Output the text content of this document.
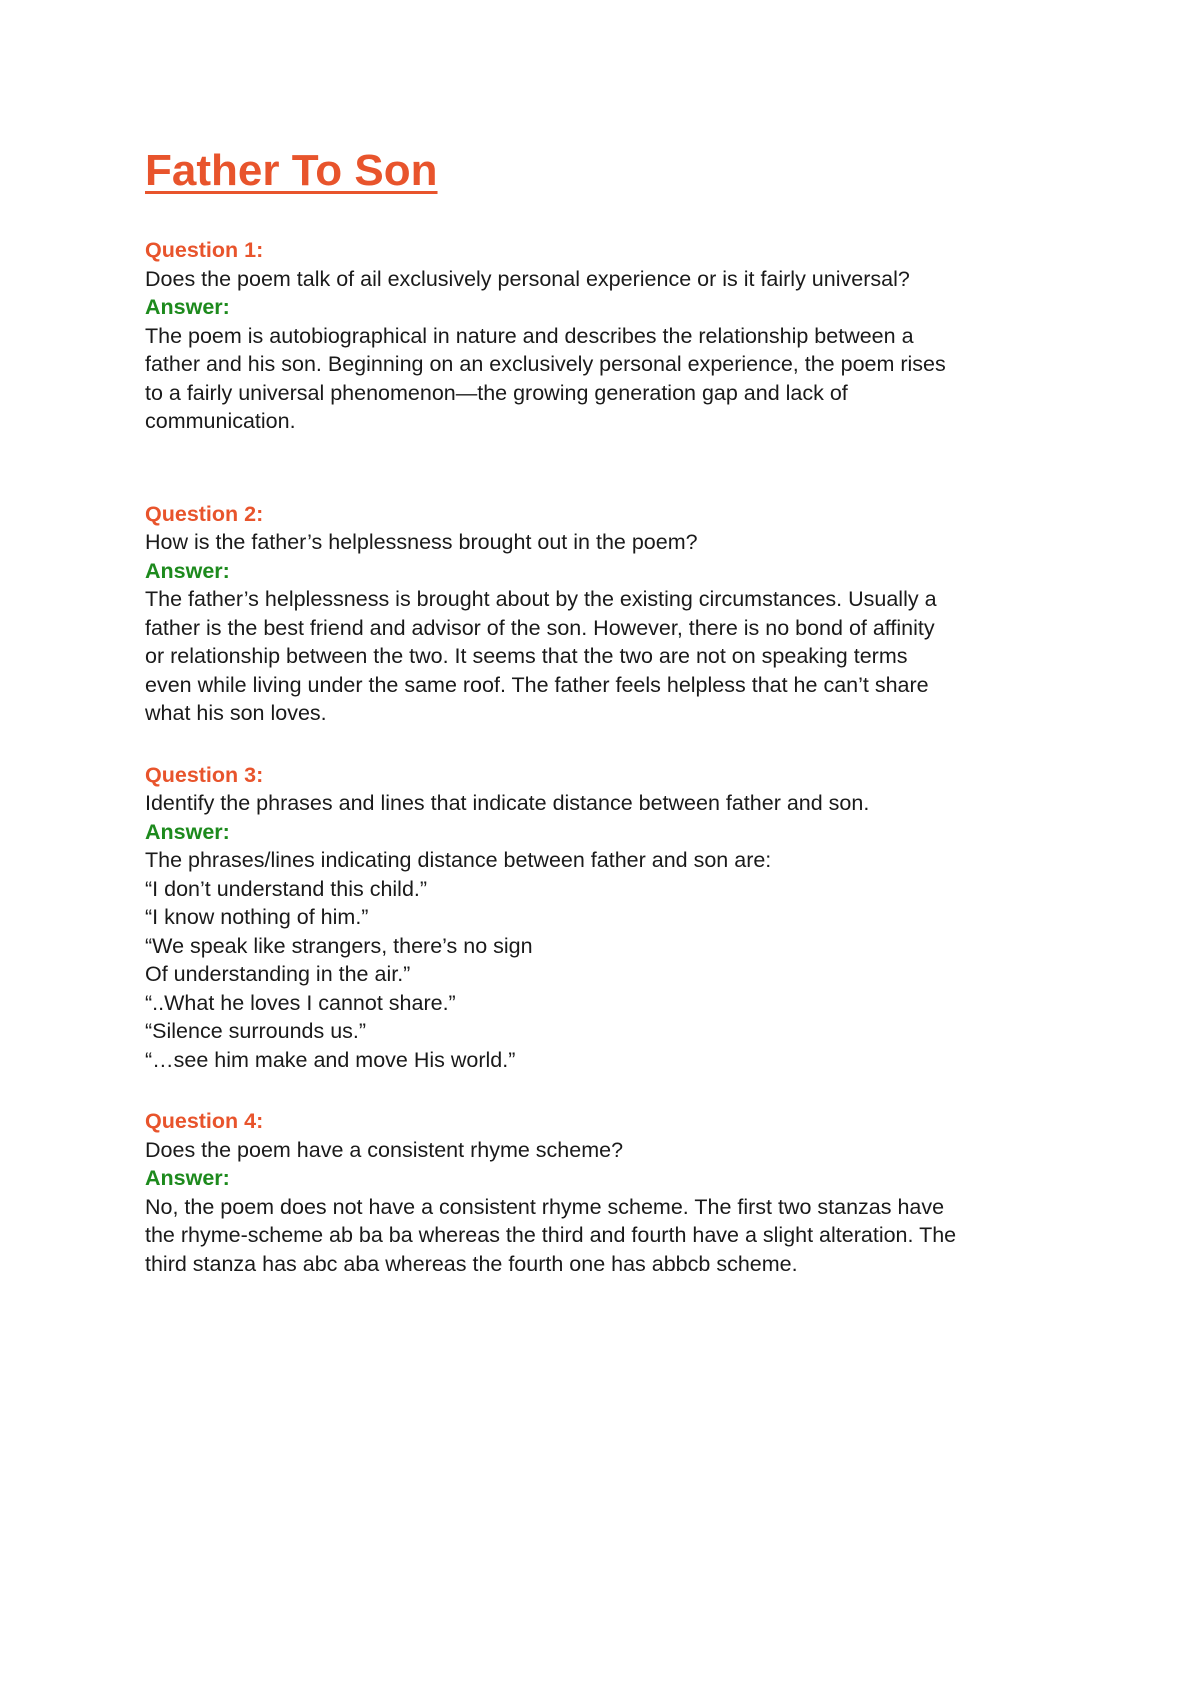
Father To Son

Question 1:

Does the poem talk of ail exclusively personal experience or is it fairly universal?

Answer:

The poem is autobiographical in nature and describes the relationship between a

father and his son. Beginning on an exclusively personal experience, the poem rises

to a fairly universal phenomenon—the growing generation gap and lack of

communication.

Question 2:

How is the father’s helplessness brought out in the poem?

Answer:

The father’s helplessness is brought about by the existing circumstances. Usually a

father is the best friend and advisor of the son. However, there is no bond of affinity

or relationship between the two. It seems that the two are not on speaking terms

even while living under the same roof. The father feels helpless that he can’t share

what his son loves.

Question 3:

Identify the phrases and lines that indicate distance between father and son.

Answer:

The phrases/lines indicating distance between father and son are:

“I don’t understand this child.”

“I know nothing of him.”

“We speak like strangers, there’s no sign

Of understanding in the air.”

“..What he loves I cannot share.”

“Silence surrounds us.”

“…see him make and move His world.”

Question 4:

Does the poem have a consistent rhyme scheme?

Answer:

No, the poem does not have a consistent rhyme scheme. The first two stanzas have

the rhyme-scheme ab ba ba whereas the third and fourth have a slight alteration. The

third stanza has abc aba whereas the fourth one has abbcb scheme.
